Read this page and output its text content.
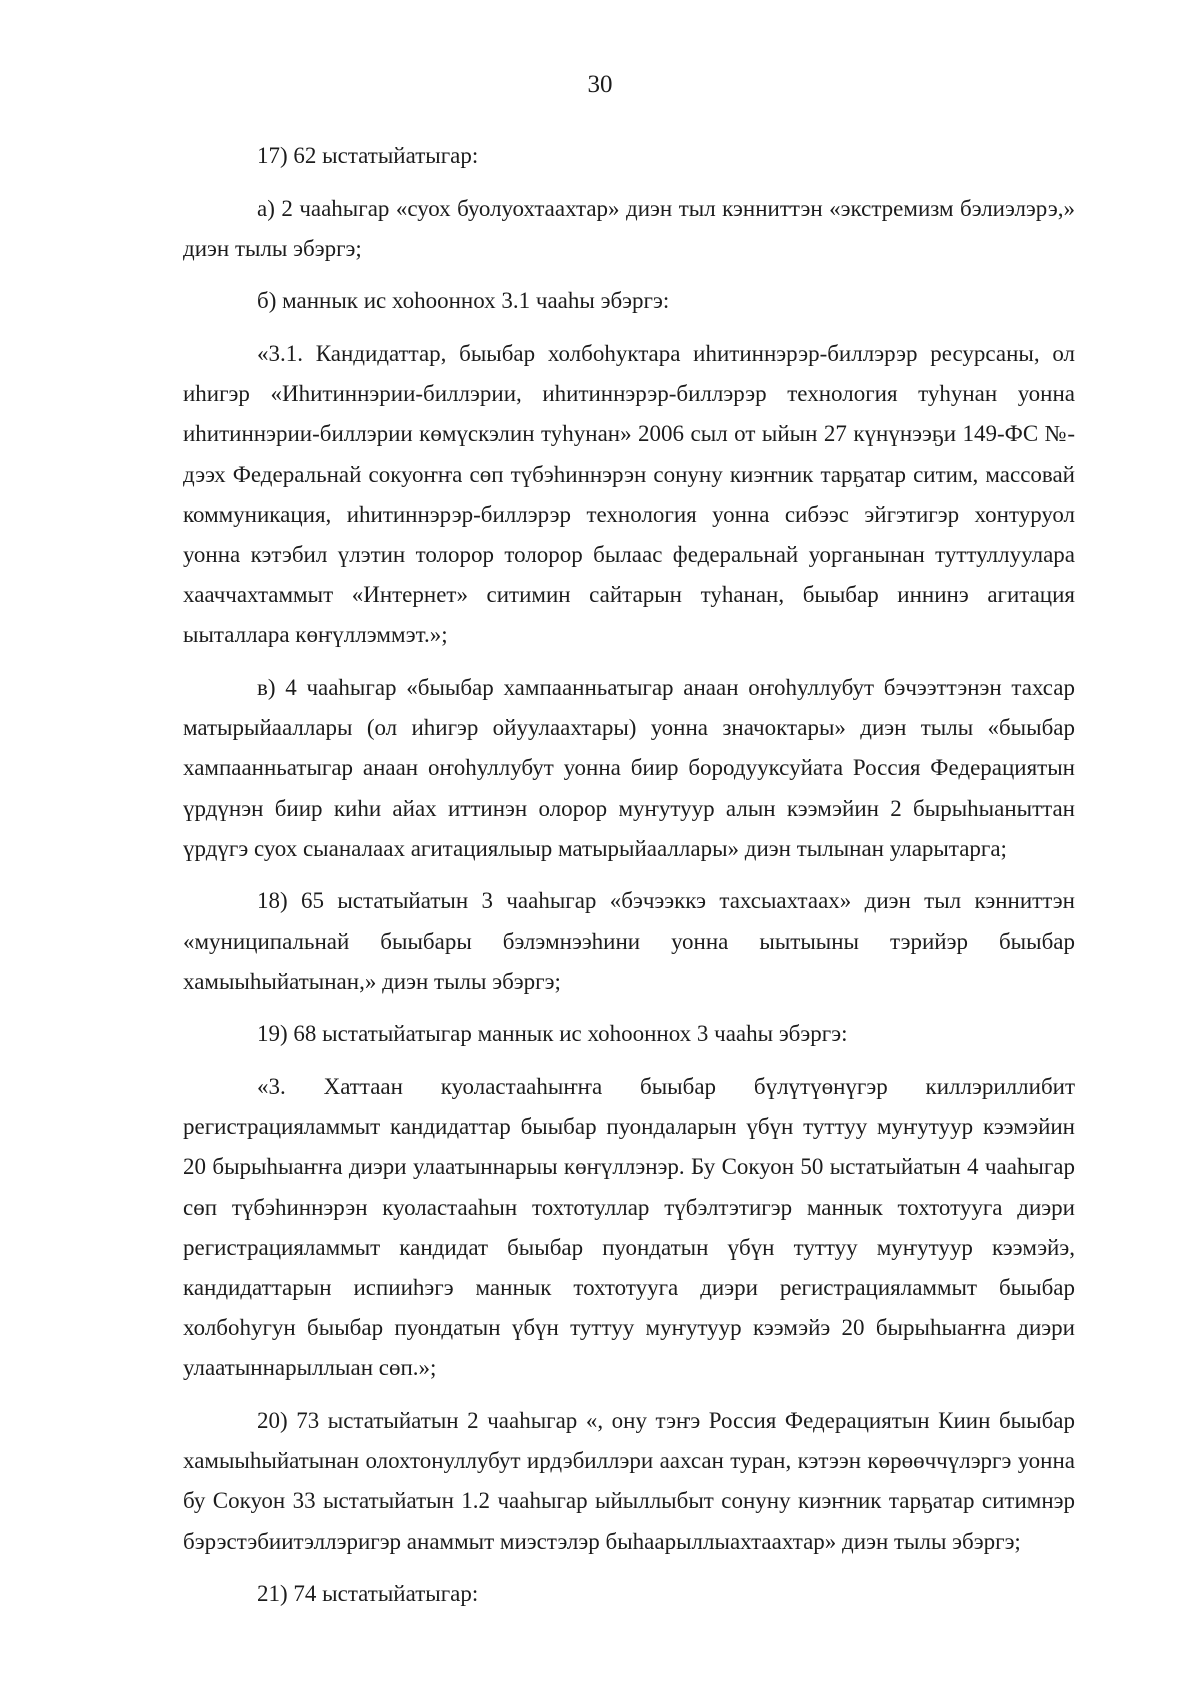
30

17) 62 ыстатыйатыгар:

а) 2 чааһыгар «суох буолуохтаахтар» диэн тыл кэнниттэн «экстремизм бэлиэлэрэ,» диэн тылы эбэргэ;

б) маннык ис хоһооннох 3.1 чааһы эбэргэ:

«3.1. Кандидаттар, быыбар холбоһуктара иһитиннэрэр-биллэрэр ресурсаны, ол иһигэр «Иһитиннэрии-биллэрии, иһитиннэрэр-биллэрэр технология туһунан уонна иһитиннэрии-биллэрии көмүскэлин туһунан» 2006 сыл от ыйын 27 күнүнээҕи 149-ФС №-дээх Федеральнай сокуоҥҥа сөп түбэһиннэрэн сонуну киэҥник тарҕатар ситим, массовай коммуникация, иһитиннэрэр-биллэрэр технология уонна сибээс эйгэтигэр хонтуруол уонна кэтэбил үлэтин толорор толорор былаас федеральнай уорганынан туттуллуулара хааччахтаммыт «Интернет» ситимин сайтарын туһанан, быыбар иннинэ агитация ыыталлара көҥүллэммэт.»;

в) 4 чааһыгар «быыбар хампаанньатыгар анаан оҥоһуллубут бэчээттэнэн тахсар матырыйааллары (ол иһигэр ойуулаахтары) уонна значоктары» диэн тылы «быыбар хампаанньатыгар анаан оҥоһуллубут уонна биир бородууксуйата Россия Федерациятын үрдүнэн биир киһи айах иттинэн олорор муҥутуур алын кээмэйин 2 бырыһыаныттан үрдүгэ суох сыаналаах агитациялыыр матырыйааллары» диэн тылынан уларытарга;

18) 65 ыстатыйатын 3 чааһыгар «бэчээккэ тахсыахтаах» диэн тыл кэнниттэн «муниципальнай быыбары бэлэмнээһини уонна ыытыыны тэрийэр быыбар хамыыһыйатынан,» диэн тылы эбэргэ;

19) 68 ыстатыйатыгар маннык ис хоһооннох 3 чааһы эбэргэ:

«3. Хаттаан куоластааһыҥҥа быыбар бүлүтүөнүгэр киллэриллибит регистрацияламмыт кандидаттар быыбар пуондаларын үбүн туттуу муҥутуур кээмэйин 20 бырыһыаҥҥа диэри улаатыннарыы көҥүллэнэр. Бу Сокуон 50 ыстатыйатын 4 чааһыгар сөп түбэһиннэрэн куоластааһын тохтотуллар түбэлтэтигэр маннык тохтотууга диэри регистрацияламмыт кандидат быыбар пуондатын үбүн туттуу муҥутуур кээмэйэ, кандидаттарын испииһэгэ маннык тохтотууга диэри регистрацияламмыт быыбар холбоһугун быыбар пуондатын үбүн туттуу муҥутуур кээмэйэ 20 бырыһыаҥҥа диэри улаатыннарыллыан сөп.»;

20) 73 ыстатыйатын 2 чааһыгар «, ону тэҥэ Россия Федерациятын Киин быыбар хамыыһыйатынан олохтонуллубут ирдэбиллэри аахсан туран, кэтээн көрөөччүлэргэ уонна бу Сокуон 33 ыстатыйатын 1.2 чааһыгар ыйыллыбыт сонуну киэҥник тарҕатар ситимнэр бэрэстэбиитэллэригэр анаммыт миэстэлэр быһаарыллыахтаахтар» диэн тылы эбэргэ;

21) 74 ыстатыйатыгар:
